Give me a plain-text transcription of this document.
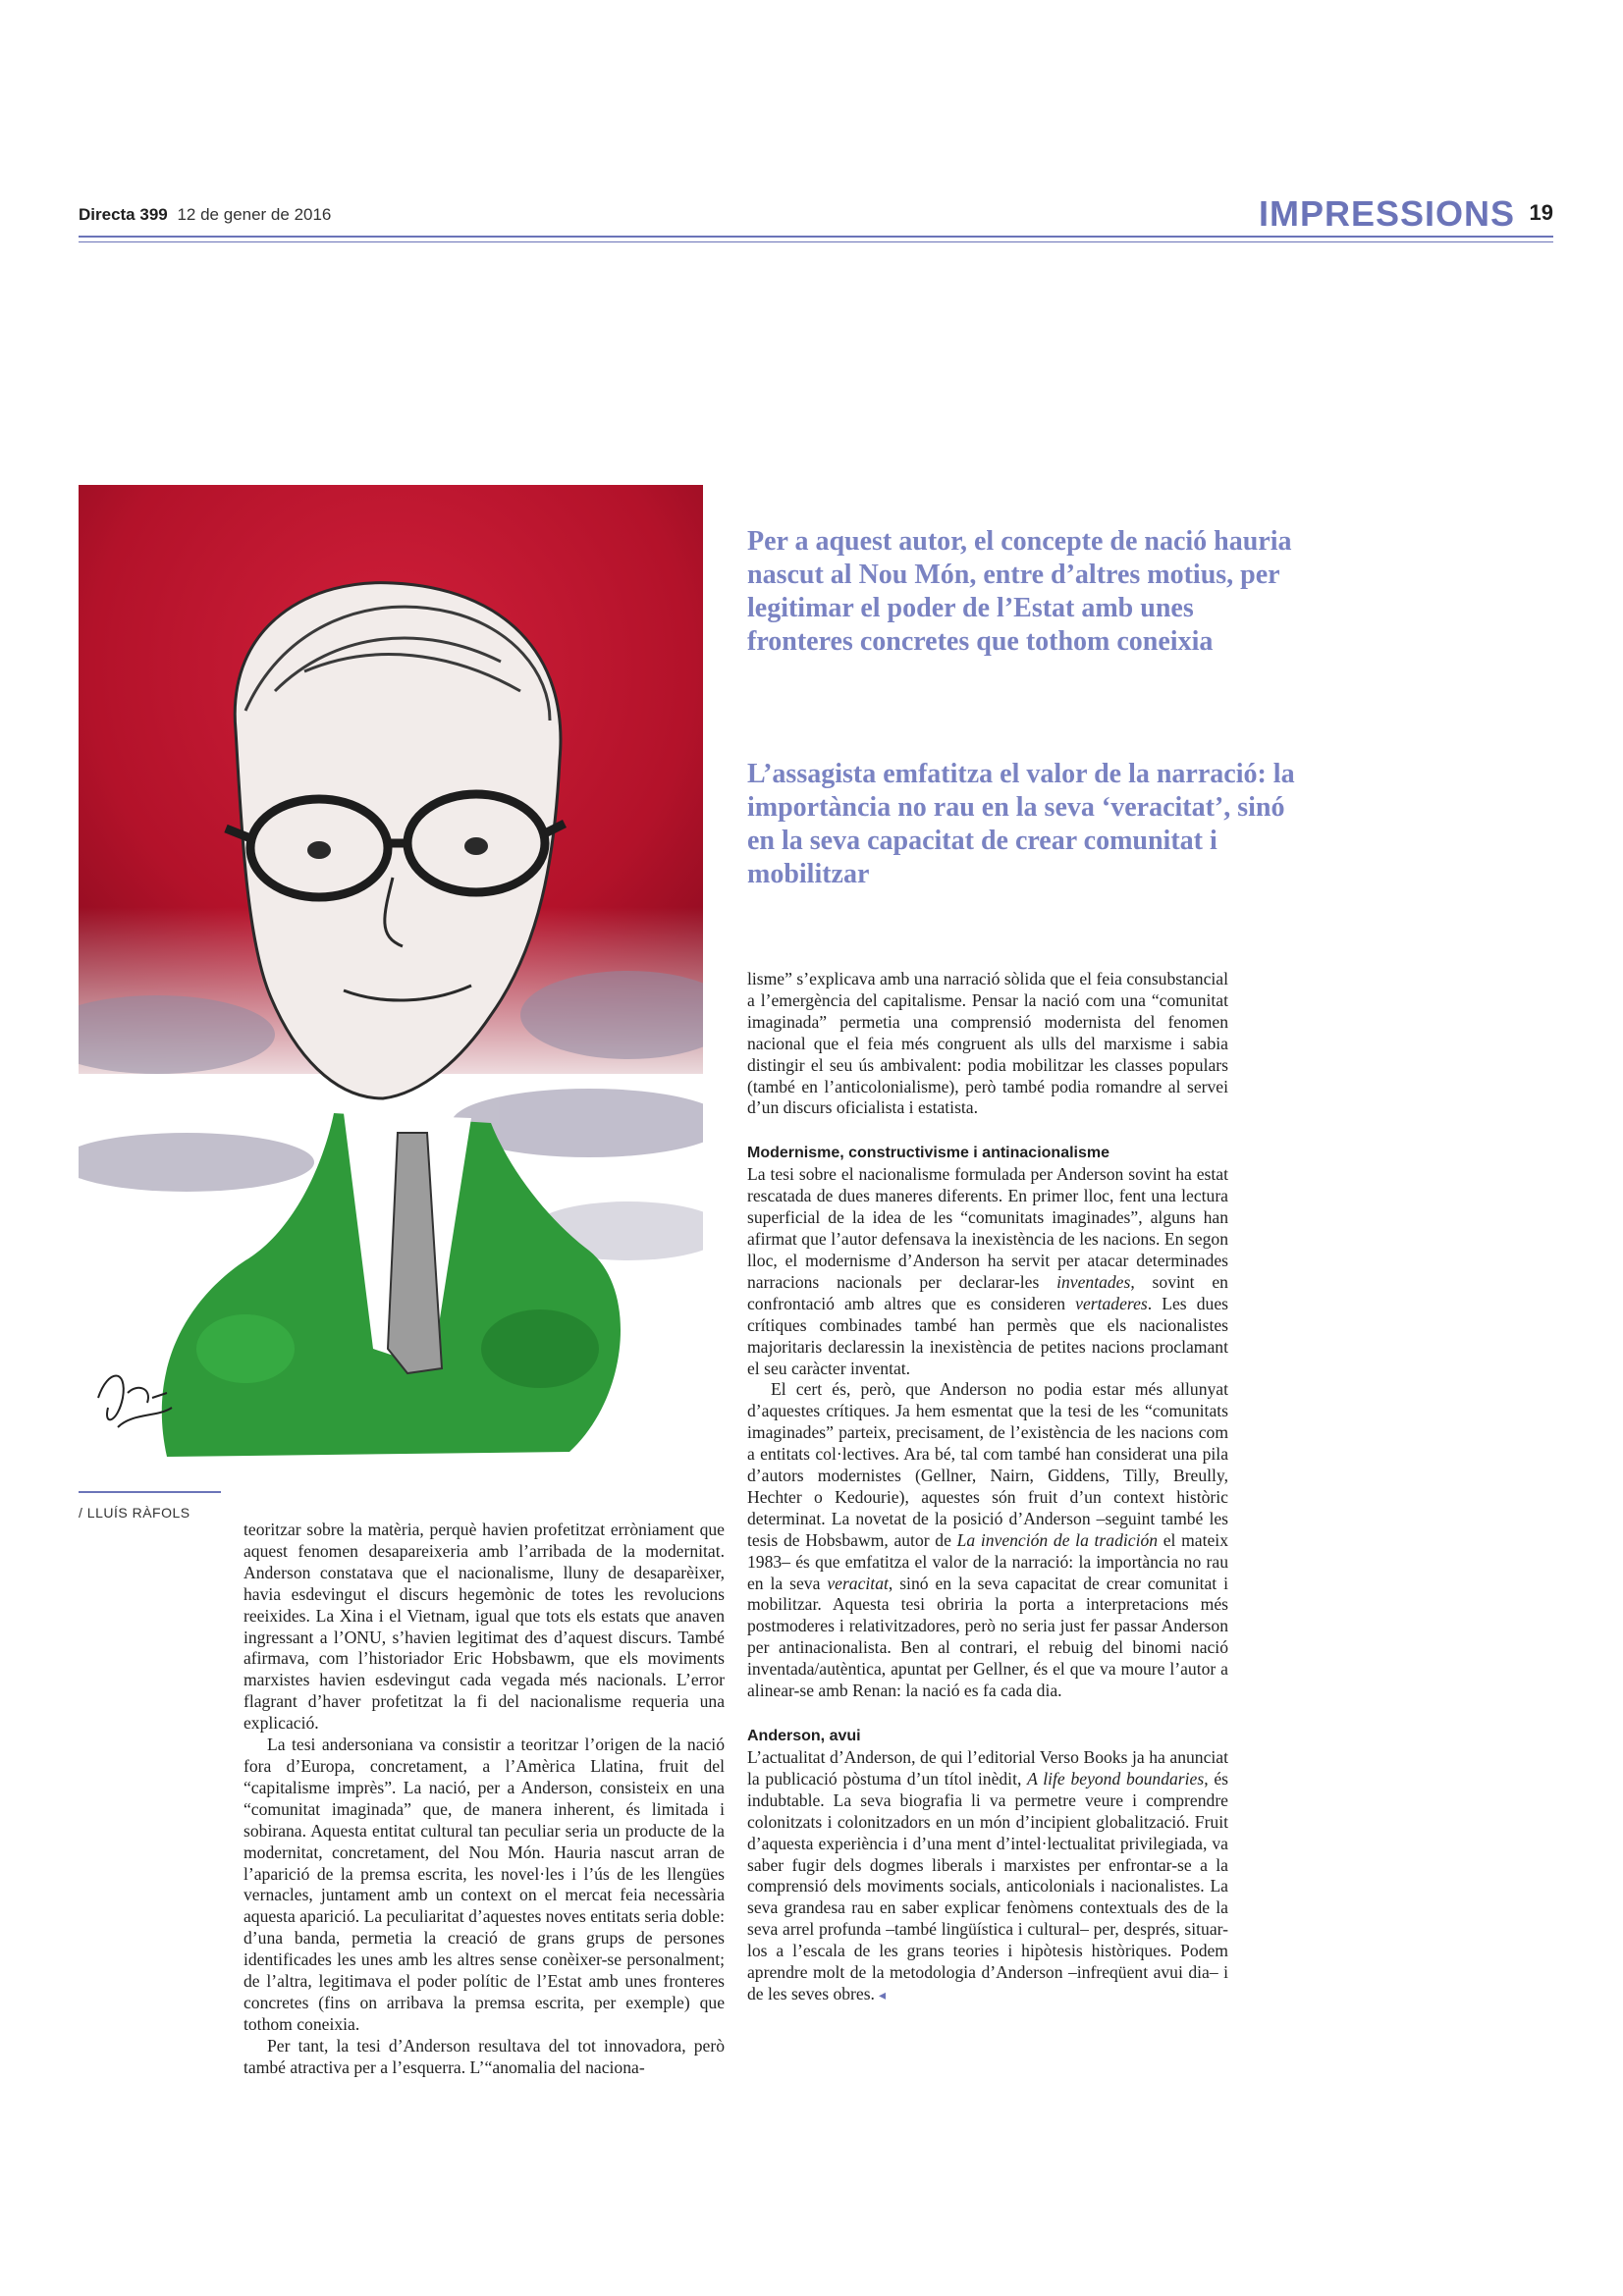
Directa 399 12 de gener de 2016	IMPRESSIONS 19
/ LLUÍS RÀFOLS

Per a aquest autor, el concepte de nació hauria nascut al Nou Món, entre d’altres motius, per legitimar el poder de l’Estat amb unes fronteres concretes que tothom coneixia

L’assagista emfatitza el valor de la narració: la importància no rau en la seva ‘veracitat’, sinó en la seva capacitat de crear comunitat i mobilitzar

teoritzar sobre la matèria, perquè havien profetitzat erròniament que aquest fenomen desapareixeria amb l’arribada de la modernitat. Anderson constatava que el nacionalisme, lluny de desaparèixer, havia esdevingut el discurs hegemònic de totes les revolucions reeixides. La Xina i el Vietnam, igual que tots els estats que anaven ingressant a l’ONU, s’havien legitimat des d’aquest discurs. També afirmava, com l’historiador Eric Hobsbawm, que els moviments marxistes havien esdevingut cada vegada més nacionals. L’error flagrant d’haver profetitzat la fi del nacionalisme requeria una explicació.

La tesi andersoniana va consistir a teoritzar l’origen de la nació fora d’Europa, concretament, a l’Amèrica Llatina, fruit del “capitalisme imprès”. La nació, per a Anderson, consisteix en una “comunitat imaginada” que, de manera inherent, és limitada i sobirana. Aquesta entitat cultural tan peculiar seria un producte de la modernitat, concretament, del Nou Món. Hauria nascut arran de l’aparició de la premsa escrita, les novel·les i l’ús de les llengües vernacles, juntament amb un context on el mercat feia necessària aquesta aparició. La peculiaritat d’aquestes noves entitats seria doble: d’una banda, permetia la creació de grans grups de persones identificades les unes amb les altres sense conèixer-se personalment; de l’altra, legitimava el poder polític de l’Estat amb unes fronteres concretes (fins on arribava la premsa escrita, per exemple) que tothom coneixia.

Per tant, la tesi d’Anderson resultava del tot innovadora, però també atractiva per a l’esquerra. L’“anomalia del naciona-

lisme” s’explicava amb una narració sòlida que el feia consubstancial a l’emergència del capitalisme. Pensar la nació com una “comunitat imaginada” permetia una comprensió modernista del fenomen nacional que el feia més congruent als ulls del marxisme i sabia distingir el seu ús ambivalent: podia mobilitzar les classes populars (també en l’anticolonialisme), però també podia romandre al servei d’un discurs oficialista i estatista.

Modernisme, constructivisme i antinacionalisme

La tesi sobre el nacionalisme formulada per Anderson sovint ha estat rescatada de dues maneres diferents. En primer lloc, fent una lectura superficial de la idea de les “comunitats imaginades”, alguns han afirmat que l’autor defensava la inexistència de les nacions. En segon lloc, el modernisme d’Anderson ha servit per atacar determinades narracions nacionals per declarar-les inventades, sovint en confrontació amb altres que es consideren vertaderes. Les dues crítiques combinades també han permès que els nacionalistes majoritaris declaressin la inexistència de petites nacions proclamant el seu caràcter inventat.

El cert és, però, que Anderson no podia estar més allunyat d’aquestes crítiques. Ja hem esmentat que la tesi de les “comunitats imaginades” parteix, precisament, de l’existència de les nacions com a entitats col·lectives. Ara bé, tal com també han considerat una pila d’autors modernistes (Gellner, Nairn, Giddens, Tilly, Breully, Hechter o Kedourie), aquestes són fruit d’un context històric determinat. La novetat de la posició d’Anderson –seguint també les tesis de Hobsbawm, autor de La invención de la tradición el mateix 1983– és que emfatitza el valor de la narració: la importància no rau en la seva veracitat, sinó en la seva capacitat de crear comunitat i mobilitzar. Aquesta tesi obriria la porta a interpretacions més postmoderes i relativitzadores, però no seria just fer passar Anderson per antinacionalista. Ben al contrari, el rebuig del binomi nació inventada/autèntica, apuntat per Gellner, és el que va moure l’autor a alinear-se amb Renan: la nació es fa cada dia.

Anderson, avui

L’actualitat d’Anderson, de qui l’editorial Verso Books ja ha anunciat la publicació pòstuma d’un títol inèdit, A life beyond boundaries, és indubtable. La seva biografia li va permetre veure i comprendre colonitzats i colonitzadors en un món d’incipient globalització. Fruit d’aquesta experiència i d’una ment d’intel·lectualitat privilegiada, va saber fugir dels dogmes liberals i marxistes per enfrontar-se a la comprensió dels moviments socials, anticolonials i nacionalistes. La seva grandesa rau en saber explicar fenòmens contextuals des de la seva arrel profunda –també lingüística i cultural– per, després, situar-los a l’escala de les grans teories i hipòtesis històriques. Podem aprendre molt de la metodologia d’Anderson –infreqüent avui dia– i de les seves obres. ◂
